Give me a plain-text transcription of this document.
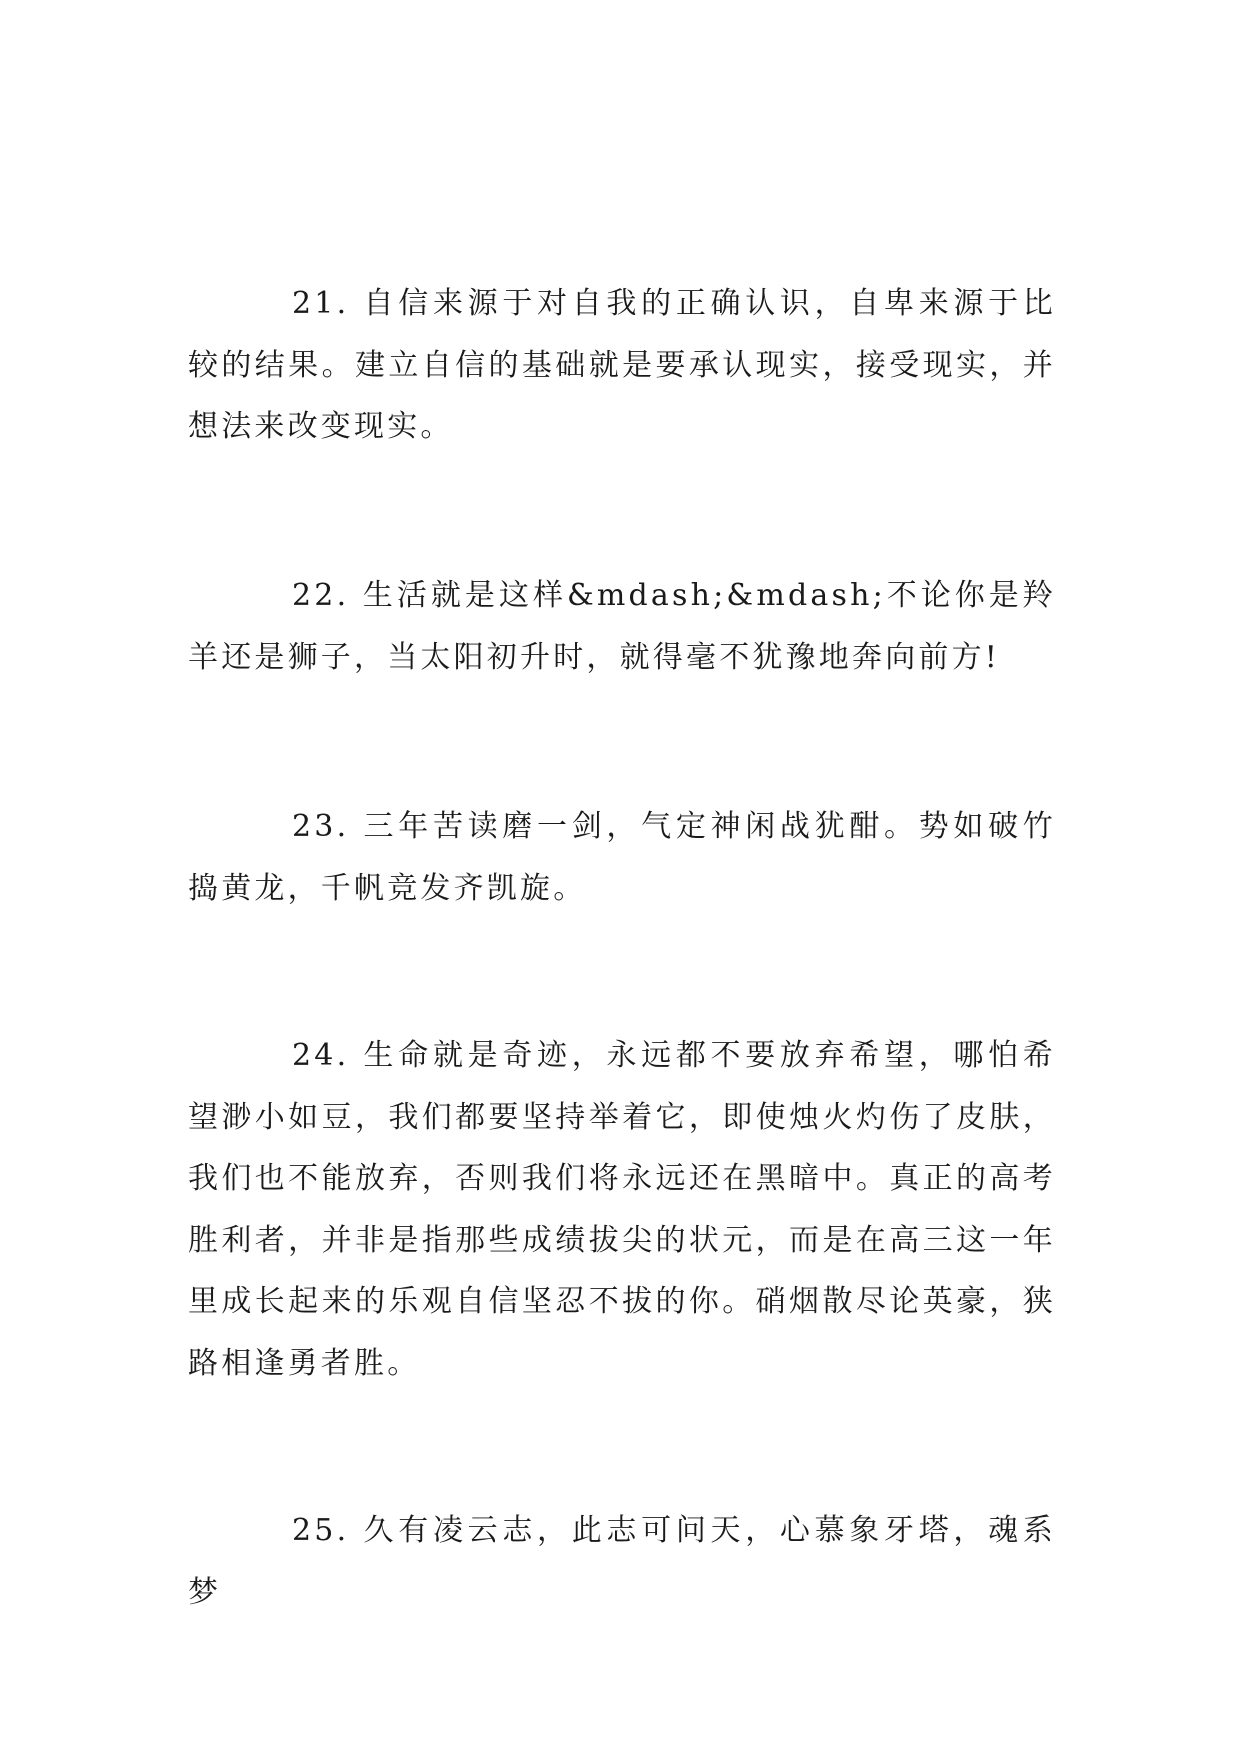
21. 自信来源于对自我的正确认识，自卑来源于比较的结果。建立自信的基础就是要承认现实，接受现实，并想法来改变现实。

22. 生活就是这样&mdash;&mdash;不论你是羚羊还是狮子，当太阳初升时，就得毫不犹豫地奔向前方!

23. 三年苦读磨一剑，气定神闲战犹酣。势如破竹捣黄龙，千帆竞发齐凯旋。

24. 生命就是奇迹，永远都不要放弃希望，哪怕希望渺小如豆，我们都要坚持举着它，即使烛火灼伤了皮肤，我们也不能放弃，否则我们将永远还在黑暗中。真正的高考胜利者，并非是指那些成绩拔尖的状元，而是在高三这一年里成长起来的乐观自信坚忍不拔的你。硝烟散尽论英豪，狭路相逢勇者胜。

25. 久有凌云志，此志可问天，心慕象牙塔，魂系梦
